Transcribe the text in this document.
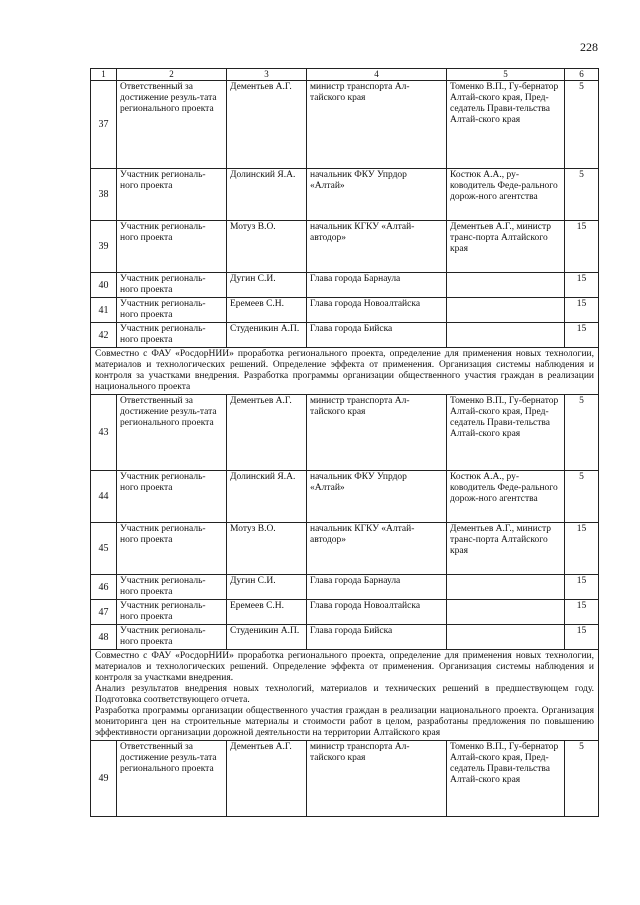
228
1	2	3	4	5	6
37	Ответственный за достижение резуль-тата регионального проекта	Дементьев А.Г.	министр транспорта Ал-тайского края	Томенко В.П., Гу-бернатор Алтай-ского края, Пред-седатель Прави-тельства Алтай-ского края	5
38	Участник региональ-ного проекта	Долинский Я.А.	начальник ФКУ Упрдор «Алтай»	Костюк А.А., ру-ководитель Феде-рального дорож-ного агентства	5
39	Участник региональ-ного проекта	Мотуз В.О.	начальник КГКУ «Алтай-автодор»	Дементьев А.Г., министр транс-порта Алтайского края	15
40	Участник региональ-ного проекта	Дугин С.И.	Глава города Барнаула		15
41	Участник региональ-ного проекта	Еремеев С.Н.	Глава города Новоалтайска		15
42	Участник региональ-ного проекта	Студеникин А.П.	Глава города Бийска		15
Совместно с ФАУ «РосдорНИИ» проработка регионального проекта, определение для применения новых технологии, материалов и технологических решений. Определение эффекта от применения. Организация системы наблюдения и контроля за участками внедрения. Разработка программы организации общественного участия граждан в реализации национального проекта					
43	Ответственный за достижение резуль-тата регионального проекта	Дементьев А.Г.	министр транспорта Ал-тайского края	Томенко В.П., Гу-бернатор Алтай-ского края, Пред-седатель Прави-тельства Алтай-ского края	5
44	Участник региональ-ного проекта	Долинский Я.А.	начальник ФКУ Упрдор «Алтай»	Костюк А.А., ру-ководитель Феде-рального дорож-ного агентства	5
45	Участник региональ-ного проекта	Мотуз В.О.	начальник КГКУ «Алтай-автодор»	Дементьев А.Г., министр транс-порта Алтайского края	15
46	Участник региональ-ного проекта	Дугин С.И.	Глава города Барнаула		15
47	Участник региональ-ного проекта	Еремеев С.Н.	Глава города Новоалтайска		15
48	Участник региональ-ного проекта	Студеникин А.П.	Глава города Бийска		15

Совместно с ФАУ «РосдорНИИ» проработка регионального проекта, определение для применения новых технологии, материалов и технологических решений. Определение эффекта от применения. Организация системы наблюдения и контроля за участками внедрения.
Анализ результатов внедрения новых технологий, материалов и технических решений в предшествующем году. Подготовка соответствующего отчета.
Разработка программы организации общественного участия граждан в реализации национального проекта. Организация мониторинга цен на строительные материалы и стоимости работ в целом, разработаны предложения по повышению эффективности организации дорожной деятельности на территории Алтайского края					

49	Ответственный за достижение резуль-тата регионального проекта	Дементьев А.Г.	министр транспорта Ал-тайского края	Томенко В.П., Гу-бернатор Алтай-ского края, Пред-седатель Прави-тельства Алтай-ского края	5
